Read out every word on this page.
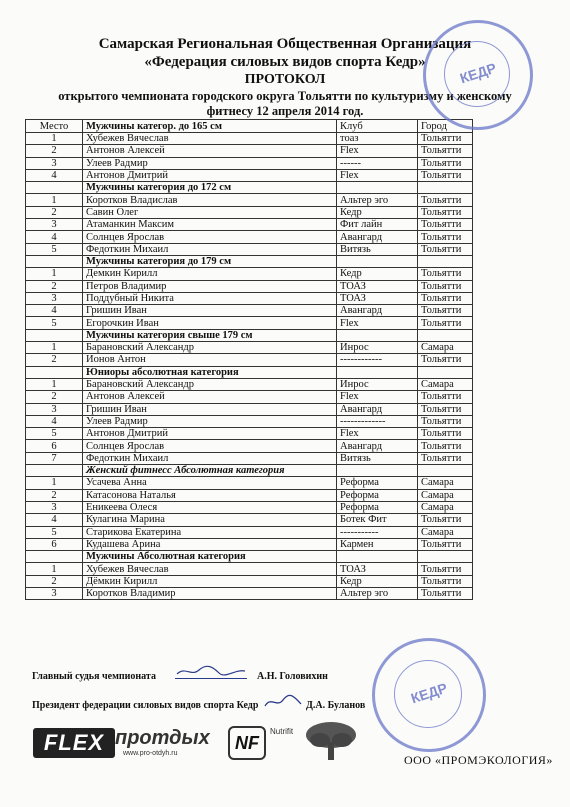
Самарская Региональная Общественная Организация
«Федерация силовых видов спорта Кедр»
ПРОТОКОЛ
открытого чемпионата городского округа Тольятти по культуризму и женскому
фитнесу 12 апреля 2014 год.
Место	Мужчины категор. до 165 см	Клуб	Город
1	Хубежев Вячеслав	тоаз	Тольятти
2	Антонов Алексей	Flex	Тольятти
3	Улеев Радмир	------	Тольятти
4	Антонов Дмитрий	Flex	Тольятти
	Мужчины категория до 172 см		
1	Коротков Владислав	Альтер эго	Тольятти
2	Савин Олег	Кедр	Тольятти
3	Атаманкин Максим	Фит лайн	Тольятти
4	Солнцев Ярослав	Авангард	Тольятти
5	Федоткин Михаил	Витязь	Тольятти
	Мужчины категория до 179 см		
1	Демкин Кирилл	Кедр	Тольятти
2	Петров Владимир	ТОАЗ	Тольятти
3	Поддубный Никита	ТОАЗ	Тольятти
4	Гришин Иван	Авангард	Тольятти
5	Егорочкин Иван	Flex	Тольятти
	Мужчины категория свыше 179 см		
1	Барановский Александр	Инрос	Самара
2	Ионов Антон	------------	Тольятти
	Юниоры абсолютная категория		
1	Барановский Александр	Инрос	Самара
2	Антонов Алексей	Flex	Тольятти
3	Гришин Иван	Авангард	Тольятти
4	Улеев Радмир	-------------	Тольятти
5	Антонов Дмитрий	Flex	Тольятти
6	Солнцев Ярослав	Авангард	Тольятти
7	Федоткин Михаил	Витязь	Тольятти
	Женский фитнесс Абсолютная категория		
1	Усачева Анна	Реформа	Самара
2	Катасонова Наталья	Реформа	Самара
3	Еникеева Олеся	Реформа	Самара
4	Кулагина Марина	Ботек Фит	Тольятти
5	Старикова Екатерина	-----------	Самара
6	Кудашева Арина	Кармен	Тольятти
	Мужчины Абсолютная категория		
1	Хубежев Вячеслав	ТОАЗ	Тольятти
2	Дёмкин Кирилл	Кедр	Тольятти
3	Коротков Владимир	Альтер эго	Тольятти
КЕДР
КЕДР
Главный судья чемпионата	А.Н. Головихин
Президент федерации силовых видов спорта Кедр	Д.А. Буланов
FLEX протдых
www.pro-otdyh.ru
NF
Nutrifit
ООО «ПРОМЭКОЛОГИЯ»
